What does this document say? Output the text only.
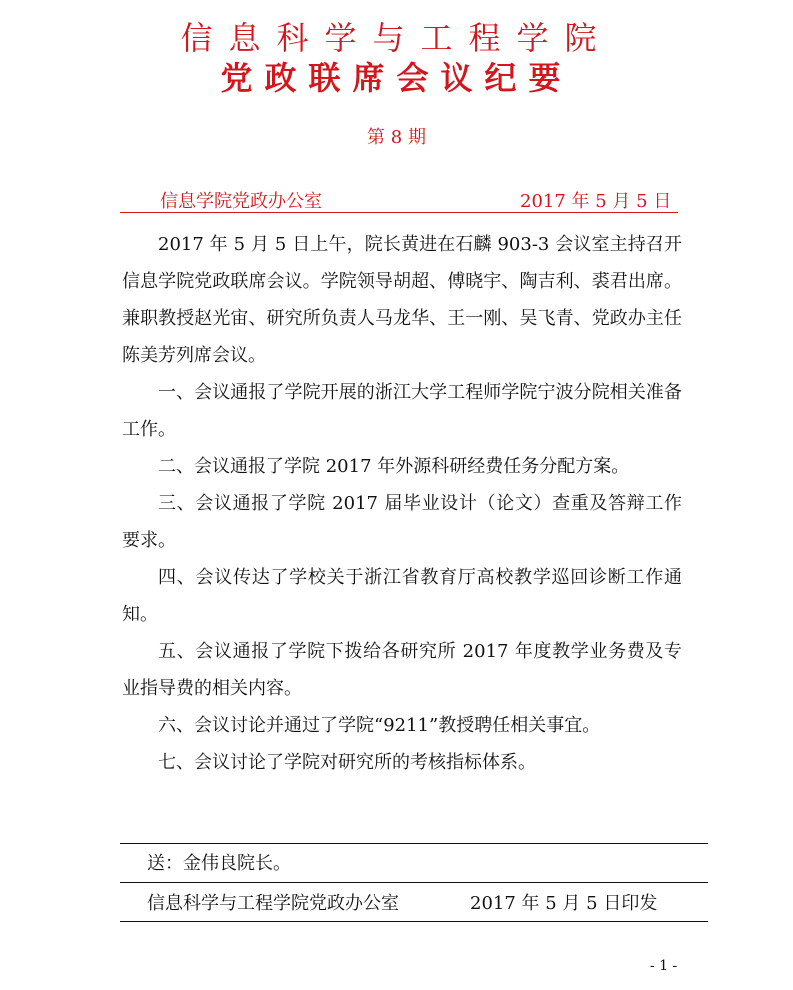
信息科学与工程学院
党政联席会议纪要
第 8 期
信息学院党政办公室	2017 年 5 月 5 日

2017 年 5 月 5 日上午，院长黄进在石麟 903-3 会议室主持召开信息学院党政联席会议。学院领导胡超、傅晓宇、陶吉利、裘君出席。兼职教授赵光宙、研究所负责人马龙华、王一刚、吴飞青、党政办主任陈美芳列席会议。

一、会议通报了学院开展的浙江大学工程师学院宁波分院相关准备工作。

二、会议通报了学院 2017 年外源科研经费任务分配方案。

三、会议通报了学院 2017 届毕业设计（论文）查重及答辩工作要求。

四、会议传达了学校关于浙江省教育厅高校教学巡回诊断工作通知。

五、会议通报了学院下拨给各研究所 2017 年度教学业务费及专业指导费的相关内容。

六、会议讨论并通过了学院“9211”教授聘任相关事宜。

七、会议讨论了学院对研究所的考核指标体系。

送：金伟良院长。
信息科学与工程学院党政办公室	2017 年 5 月 5 日印发
- 1 -
